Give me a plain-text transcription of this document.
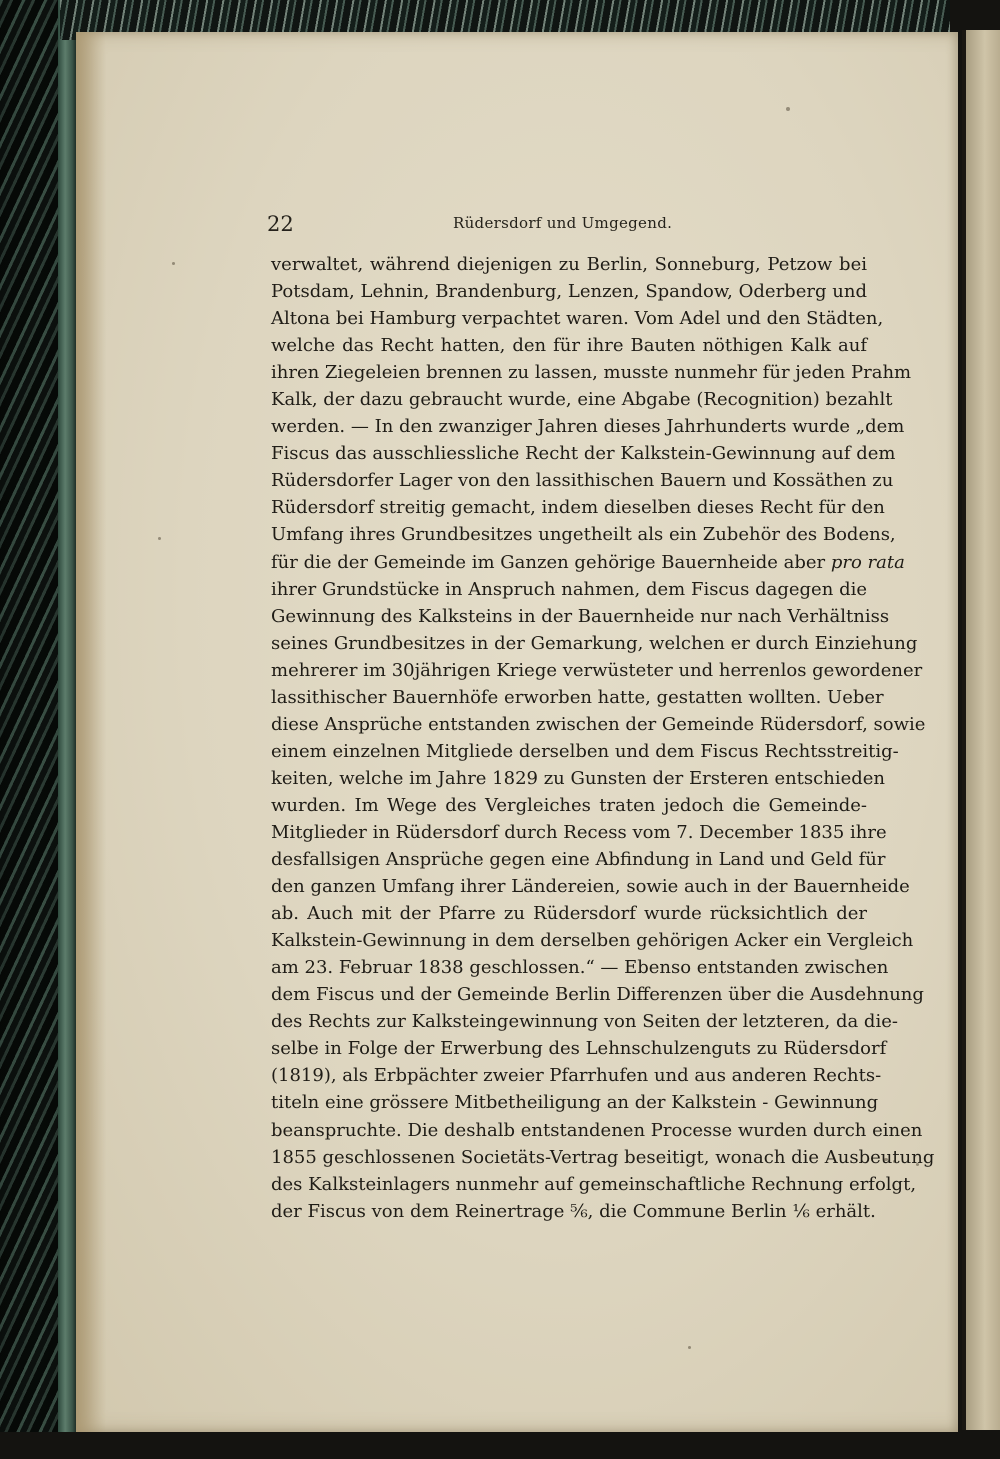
22	Rüdersdorf und Umgegend.
verwaltet, während diejenigen zu Berlin, Sonneburg, Petzow bei
Potsdam, Lehnin, Brandenburg, Lenzen, Spandow, Oderberg und
Altona bei Hamburg verpachtet waren. Vom Adel und den Städten,
welche das Recht hatten, den für ihre Bauten nöthigen Kalk auf
ihren Ziegeleien brennen zu lassen, musste nunmehr für jeden Prahm
Kalk, der dazu gebraucht wurde, eine Abgabe (Recognition) bezahlt
werden. — In den zwanziger Jahren dieses Jahrhunderts wurde „dem
Fiscus das ausschliessliche Recht der Kalkstein-Gewinnung auf dem
Rüdersdorfer Lager von den lassithischen Bauern und Kossäthen zu
Rüdersdorf streitig gemacht, indem dieselben dieses Recht für den
Umfang ihres Grundbesitzes ungetheilt als ein Zubehör des Bodens,
für die der Gemeinde im Ganzen gehörige Bauernheide aber pro rata
ihrer Grundstücke in Anspruch nahmen, dem Fiscus dagegen die
Gewinnung des Kalksteins in der Bauernheide nur nach Verhältniss
seines Grundbesitzes in der Gemarkung, welchen er durch Einziehung
mehrerer im 30jährigen Kriege verwüsteter und herrenlos gewordener
lassithischer Bauernhöfe erworben hatte, gestatten wollten. Ueber
diese Ansprüche entstanden zwischen der Gemeinde Rüdersdorf, sowie
einem einzelnen Mitgliede derselben und dem Fiscus Rechtsstreitig-
keiten, welche im Jahre 1829 zu Gunsten der Ersteren entschieden
wurden. Im Wege des Vergleiches traten jedoch die Gemeinde-
Mitglieder in Rüdersdorf durch Recess vom 7. December 1835 ihre
desfallsigen Ansprüche gegen eine Abfindung in Land und Geld für
den ganzen Umfang ihrer Ländereien, sowie auch in der Bauernheide
ab. Auch mit der Pfarre zu Rüdersdorf wurde rücksichtlich der
Kalkstein-Gewinnung in dem derselben gehörigen Acker ein Vergleich
am 23. Februar 1838 geschlossen.“ — Ebenso entstanden zwischen
dem Fiscus und der Gemeinde Berlin Differenzen über die Ausdehnung
des Rechts zur Kalksteingewinnung von Seiten der letzteren, da die-
selbe in Folge der Erwerbung des Lehnschulzenguts zu Rüdersdorf
(1819), als Erbpächter zweier Pfarrhufen und aus anderen Rechts-
titeln eine grössere Mitbetheiligung an der Kalkstein - Gewinnung
beanspruchte. Die deshalb entstandenen Processe wurden durch einen
1855 geschlossenen Societäts-Vertrag beseitigt, wonach die Ausbeutung
des Kalksteinlagers nunmehr auf gemeinschaftliche Rechnung erfolgt,
der Fiscus von dem Reinertrage ⅚, die Commune Berlin ⅙ erhält.
